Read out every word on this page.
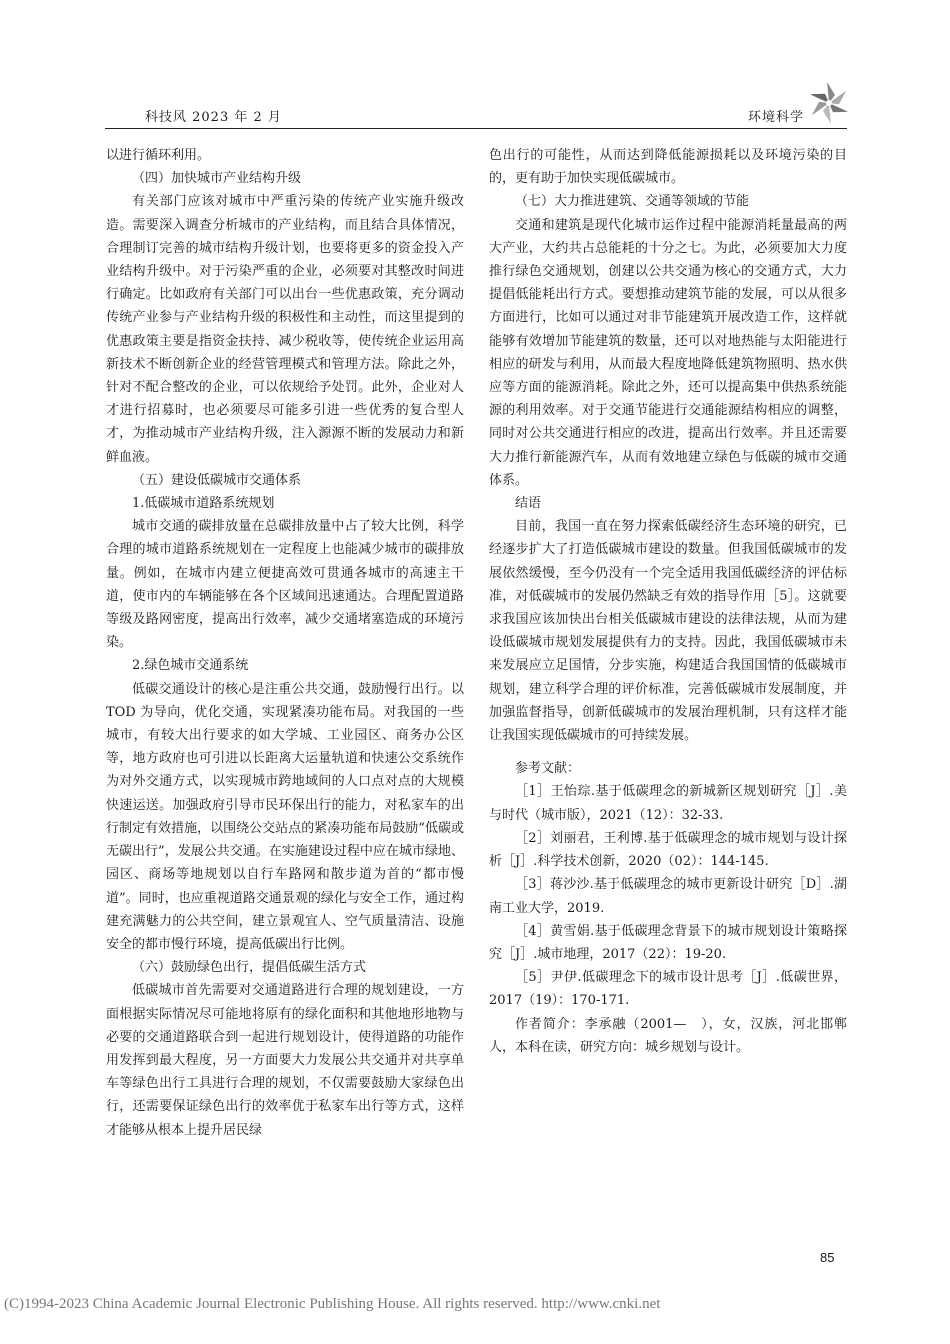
科技风 2023 年 2 月	环境科学

以进行循环利用。

（四）加快城市产业结构升级

有关部门应该对城市中严重污染的传统产业实施升级改造。需要深入调查分析城市的产业结构，而且结合具体情况，合理制订完善的城市结构升级计划，也要将更多的资金投入产业结构升级中。对于污染严重的企业，必须要对其整改时间进行确定。比如政府有关部门可以出台一些优惠政策，充分调动传统产业参与产业结构升级的积极性和主动性，而这里提到的优惠政策主要是指资金扶持、减少税收等，使传统企业运用高新技术不断创新企业的经营管理模式和管理方法。除此之外，针对不配合整改的企业，可以依规给予处罚。此外，企业对人才进行招募时，也必须要尽可能多引进一些优秀的复合型人才，为推动城市产业结构升级，注入源源不断的发展动力和新鲜血液。

（五）建设低碳城市交通体系

1.低碳城市道路系统规划

城市交通的碳排放量在总碳排放量中占了较大比例，科学合理的城市道路系统规划在一定程度上也能减少城市的碳排放量。例如，在城市内建立便捷高效可贯通各城市的高速主干道，使市内的车辆能够在各个区域间迅速通达。合理配置道路等级及路网密度，提高出行效率，减少交通堵塞造成的环境污染。

2.绿色城市交通系统

低碳交通设计的核心是注重公共交通，鼓励慢行出行。以 TOD 为导向，优化交通，实现紧凑功能布局。对我国的一些城市，有较大出行要求的如大学城、工业园区、商务办公区等，地方政府也可引进以长距离大运量轨道和快速公交系统作为对外交通方式，以实现城市跨地域间的人口点对点的大规模快速运送。加强政府引导市民环保出行的能力，对私家车的出行制定有效措施，以围绕公交站点的紧凑功能布局鼓励“低碳或无碳出行”，发展公共交通。在实施建设过程中应在城市绿地、园区、商场等地规划以自行车路网和散步道为首的“都市慢道”。同时，也应重视道路交通景观的绿化与安全工作，通过构建充满魅力的公共空间，建立景观宜人、空气质量清洁、设施安全的都市慢行环境，提高低碳出行比例。

（六）鼓励绿色出行，提倡低碳生活方式

低碳城市首先需要对交通道路进行合理的规划建设，一方面根据实际情况尽可能地将原有的绿化面积和其他地形地物与必要的交通道路联合到一起进行规划设计，使得道路的功能作用发挥到最大程度，另一方面要大力发展公共交通并对共享单车等绿色出行工具进行合理的规划，不仅需要鼓励大家绿色出行，还需要保证绿色出行的效率优于私家车出行等方式，这样才能够从根本上提升居民绿

色出行的可能性，从而达到降低能源损耗以及环境污染的目的，更有助于加快实现低碳城市。

（七）大力推进建筑、交通等领域的节能

交通和建筑是现代化城市运作过程中能源消耗量最高的两大产业，大约共占总能耗的十分之七。为此，必须要加大力度推行绿色交通规划，创建以公共交通为核心的交通方式，大力提倡低能耗出行方式。要想推动建筑节能的发展，可以从很多方面进行，比如可以通过对非节能建筑开展改造工作，这样就能够有效增加节能建筑的数量，还可以对地热能与太阳能进行相应的研发与利用，从而最大程度地降低建筑物照明、热水供应等方面的能源消耗。除此之外，还可以提高集中供热系统能源的利用效率。对于交通节能进行交通能源结构相应的调整，同时对公共交通进行相应的改进，提高出行效率。并且还需要大力推行新能源汽车，从而有效地建立绿色与低碳的城市交通体系。

结语

目前，我国一直在努力探索低碳经济生态环境的研究，已经逐步扩大了打造低碳城市建设的数量。但我国低碳城市的发展依然缓慢，至今仍没有一个完全适用我国低碳经济的评估标准，对低碳城市的发展仍然缺乏有效的指导作用［5］。这就要求我国应该加快出台相关低碳城市建设的法律法规，从而为建设低碳城市规划发展提供有力的支持。因此，我国低碳城市未来发展应立足国情，分步实施，构建适合我国国情的低碳城市规划，建立科学合理的评价标准，完善低碳城市发展制度，并加强监督指导，创新低碳城市的发展治理机制，只有这样才能让我国实现低碳城市的可持续发展。

参考文献：

［1］王怡琮.基于低碳理念的新城新区规划研究［J］.美与时代（城市版），2021（12）：32-33.

［2］刘丽君，王利博.基于低碳理念的城市规划与设计探析［J］.科学技术创新，2020（02）：144-145.

［3］蒋沙沙.基于低碳理念的城市更新设计研究［D］.湖南工业大学，2019.

［4］黄雪娟.基于低碳理念背景下的城市规划设计策略探究［J］.城市地理，2017（22）：19-20.

［5］尹伊.低碳理念下的城市设计思考［J］.低碳世界，2017（19）：170-171.

作者简介：李承融（2001—　），女，汉族，河北邯郸人，本科在读，研究方向：城乡规划与设计。

85
(C)1994-2023 China Academic Journal Electronic Publishing House. All rights reserved. http://www.cnki.net
